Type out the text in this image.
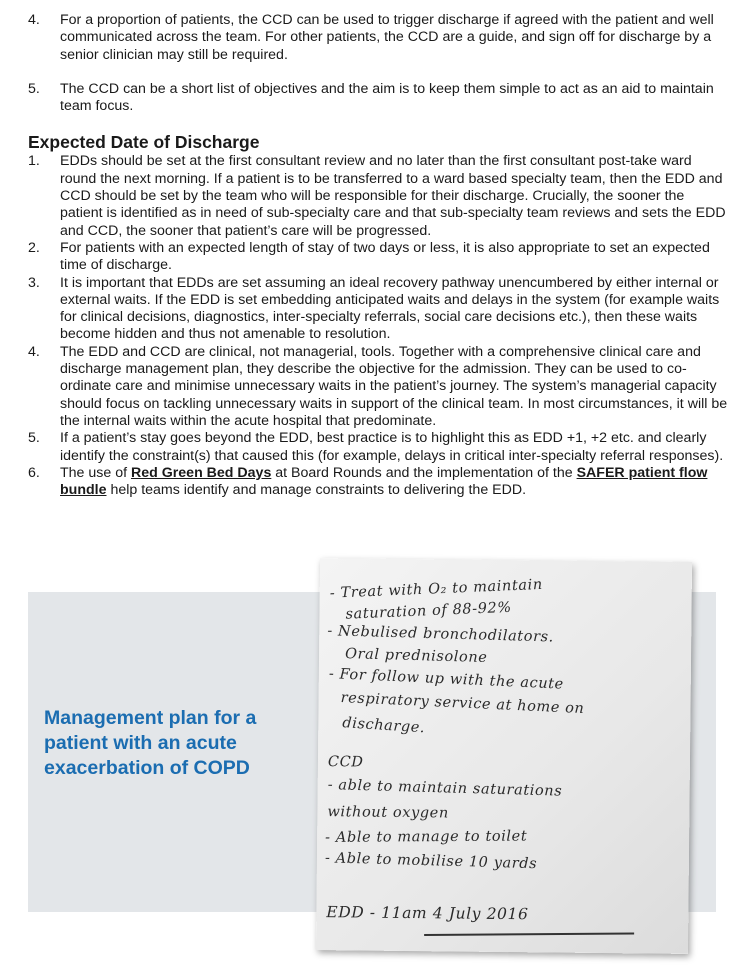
4.	For a proportion of patients, the CCD can be used to trigger discharge if agreed with the patient and well communicated across the team. For other patients, the CCD are a guide, and sign off for discharge by a senior clinician may still be required.
5.	The CCD can be a short list of objectives and the aim is to keep them simple to act as an aid to maintain team focus.
Expected Date of Discharge
1.	EDDs should be set at the first consultant review and no later than the first consultant post-take ward round the next morning. If a patient is to be transferred to a ward based specialty team, then the EDD and CCD should be set by the team who will be responsible for their discharge. Crucially, the sooner the patient is identified as in need of sub-specialty care and that sub-specialty team reviews and sets the EDD and CCD, the sooner that patient’s care will be progressed.
2.	For patients with an expected length of stay of two days or less, it is also appropriate to set an expected time of discharge.
3.	It is important that EDDs are set assuming an ideal recovery pathway unencumbered by either internal or external waits. If the EDD is set embedding anticipated waits and delays in the system (for example waits for clinical decisions, diagnostics, inter-specialty referrals, social care decisions etc.), then these waits become hidden and thus not amenable to resolution.
4.	The EDD and CCD are clinical, not managerial, tools. Together with a comprehensive clinical care and discharge management plan, they describe the objective for the admission. They can be used to co-ordinate care and minimise unnecessary waits in the patient’s journey. The system’s managerial capacity should focus on tackling unnecessary waits in support of the clinical team. In most circumstances, it will be the internal waits within the acute hospital that predominate.
5.	If a patient’s stay goes beyond the EDD, best practice is to highlight this as EDD +1, +2 etc. and clearly identify the constraint(s) that caused this (for example, delays in critical inter-specialty referral responses).
6.	The use of Red Green Bed Days at Board Rounds and the implementation of the SAFER patient flow bundle help teams identify and manage constraints to delivering the EDD.
Management plan for a patient with an acute exacerbation of COPD
- Treat with O₂ to maintain
saturation of 88-92%
- Nebulised bronchodilators.
Oral prednisolone
- For follow up with the acute
respiratory service at home on
discharge.
CCD
- able to maintain saturations
without oxygen
- Able to manage to toilet
- Able to mobilise 10 yards
EDD - 11am 4 July 2016
